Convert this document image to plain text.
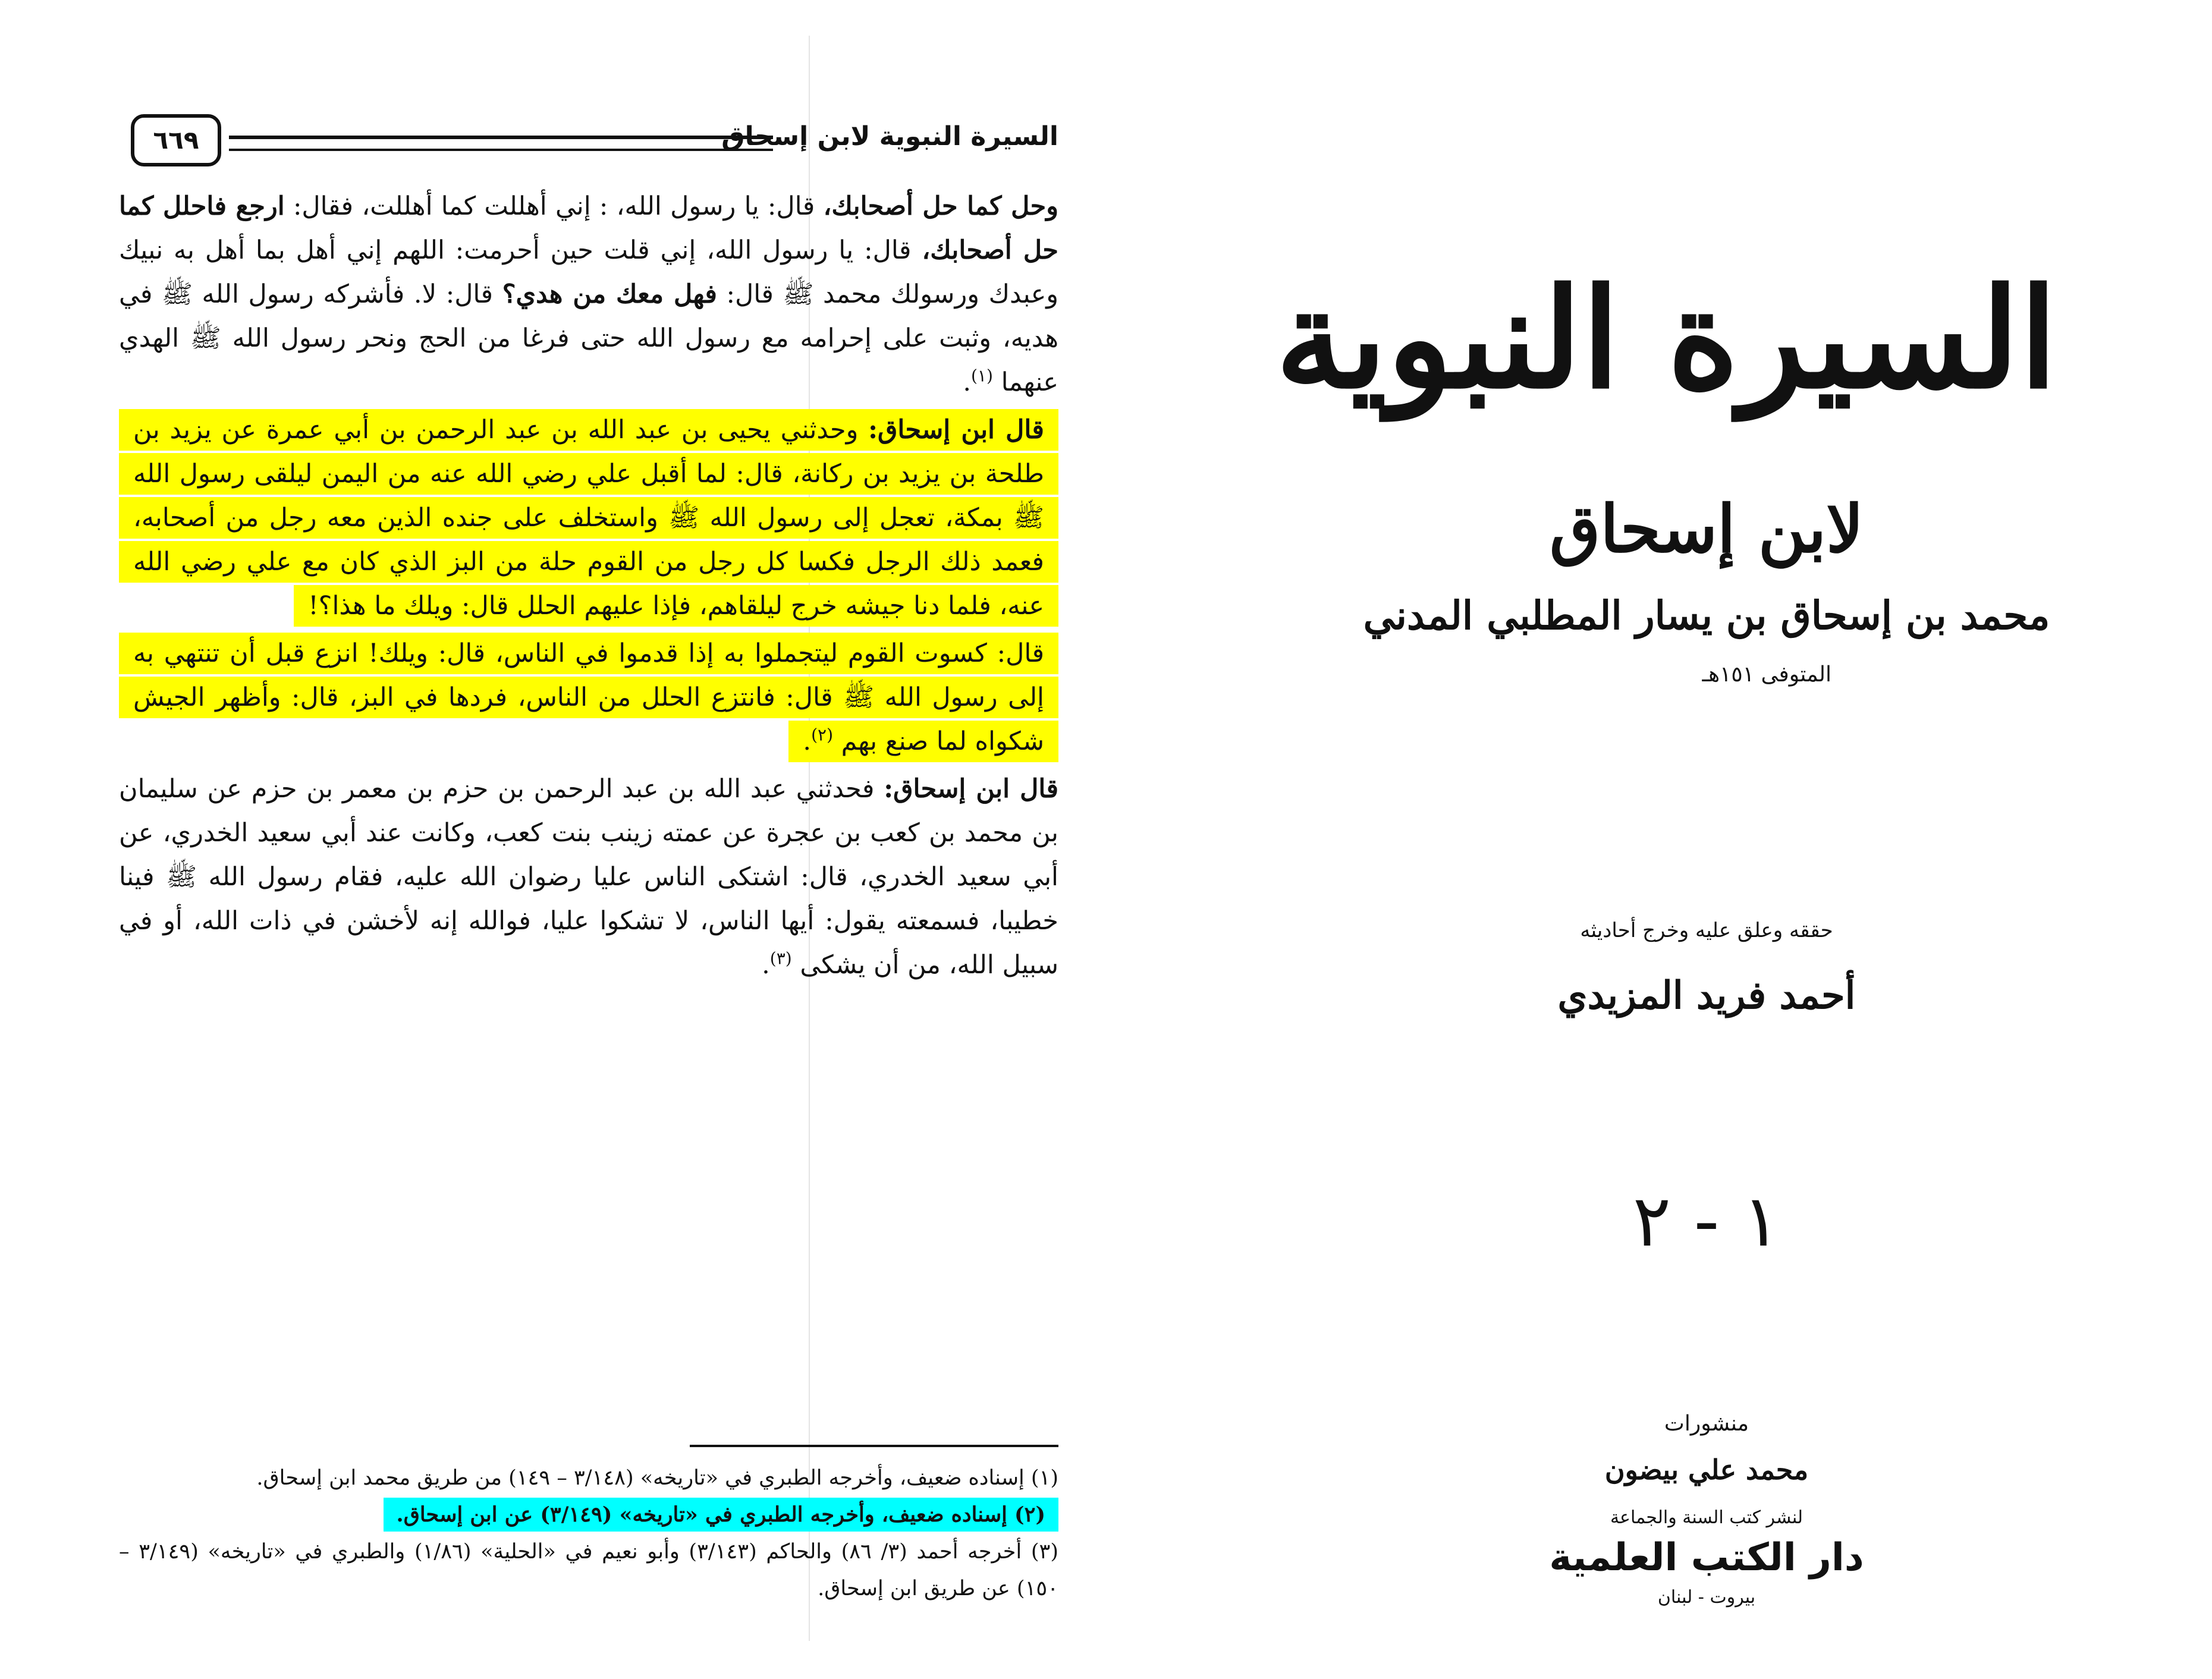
السيرة النبوية لابن إسحاق
٦٦٩

وحل كما حل أصحابك، قال: يا رسول الله، : إني أهللت كما أهللت، فقال: ارجع فاحلل كما حل أصحابك، قال: يا رسول الله، إني قلت حين أحرمت: اللهم إني أهل بما أهل به نبيك وعبدك ورسولك محمد ﷺ قال: فهل معك من هدي؟ قال: لا. فأشركه رسول الله ﷺ في هديه، وثبت على إحرامه مع رسول الله حتى فرغا من الحج ونحر رسول الله ﷺ الهدي عنهما $^{(١)}$.

قال ابن إسحاق: وحدثني يحيى بن عبد الله بن عبد الرحمن بن أبي عمرة عن يزيد بن طلحة بن يزيد بن ركانة، قال: لما أقبل علي رضي الله عنه من اليمن ليلقى رسول الله ﷺ بمكة، تعجل إلى رسول الله ﷺ واستخلف على جنده الذين معه رجل من أصحابه، فعمد ذلك الرجل فكسا كل رجل من القوم حلة من البز الذي كان مع علي رضي الله عنه، فلما دنا جيشه خرج ليلقاهم، فإذا عليهم الحلل قال: ويلك ما هذا؟!

قال: كسوت القوم ليتجملوا به إذا قدموا في الناس، قال: ويلك! انزع قبل أن تنتهي به إلى رسول الله ﷺ قال: فانتزع الحلل من الناس، فردها في البز، قال: وأظهر الجيش شكواه لما صنع بهم $^{(٢)}$.

قال ابن إسحاق: فحدثني عبد الله بن عبد الرحمن بن حزم بن معمر بن حزم عن سليمان بن محمد بن كعب بن عجرة عن عمته زينب بنت كعب، وكانت عند أبي سعيد الخدري، عن أبي سعيد الخدري، قال: اشتكى الناس عليا رضوان الله عليه، فقام رسول الله ﷺ فينا خطيبا، فسمعته يقول: أيها الناس، لا تشكوا عليا، فوالله إنه لأخشن في ذات الله، أو في سبيل الله، من أن يشكى $^{(٣)}$.

(١) إسناده ضعيف، وأخرجه الطبري في «تاريخه» (٣/١٤٨ – ١٤٩) من طريق محمد ابن إسحاق.

(٢) إسناده ضعيف، وأخرجه الطبري في «تاريخه» (٣/١٤٩) عن ابن إسحاق.

(٣) أخرجه أحمد (٣/ ٨٦) والحاكم (٣/١٤٣) وأبو نعيم في «الحلية» (١/٨٦) والطبري في «تاريخه» (٣/١٤٩ – ١٥٠) عن طريق ابن إسحاق.

السيرة النبوية
لابن إسحاق
محمد بن إسحاق بن يسار المطلبي المدني
المتوفى ١٥١هـ
حققه وعلق عليه وخرج أحاديثه
أحمد فريد المزيدي
١ - ٢
منشورات
محمد علي بيضون
لنشر كتب السنة والجماعة
دار الكتب العلمية
بيروت - لبنان
